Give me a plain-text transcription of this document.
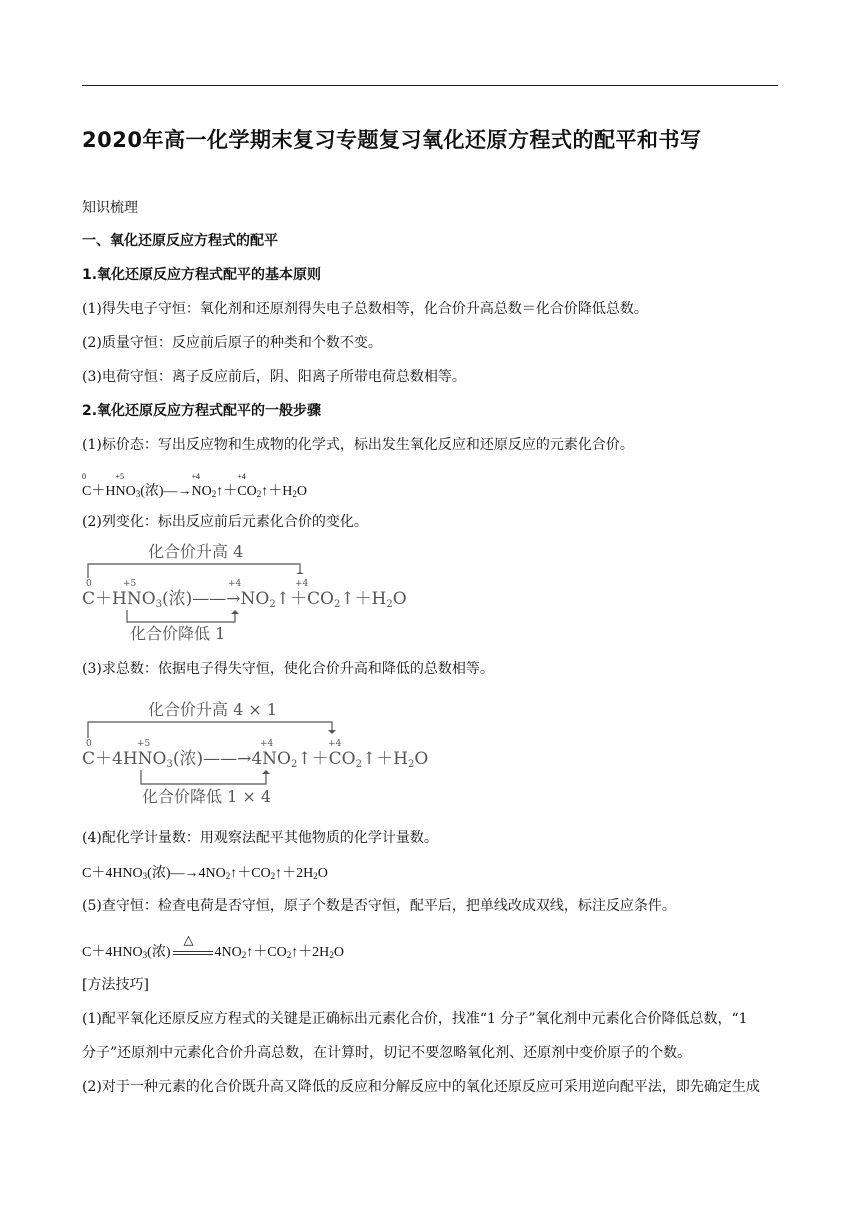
2020年高一化学期末复习专题复习氧化还原方程式的配平和书写
知识梳理
一、氧化还原反应方程式的配平
1.氧化还原反应方程式配平的基本原则
(1)得失电子守恒：氧化剂和还原剂得失电子总数相等，化合价升高总数＝化合价降低总数。
(2)质量守恒：反应前后原子的种类和个数不变。
(3)电荷守恒：离子反应前后，阴、阳离子所带电荷总数相等。
2.氧化还原反应方程式配平的一般步骤
(1)标价态：写出反应物和生成物的化学式，标出发生氧化反应和还原反应的元素化合价。
0
C＋H
+5
$NO_3$(浓)—→
+4
$NO_2↑+$
+4
$CO_2↑+H_2O$
(2)列变化：标出反应前后元素化合价的变化。
化合价升高 4
0	+5	+4	+4
C＋HNO3(浓)——→NO2↑＋CO2↑＋H2O
化合价降低 1
(3)求总数：依据电子得失守恒，使化合价升高和降低的总数相等。
化合价升高 4 × 1
0	+5	+4	+4
C＋4HNO3(浓)——→4NO2↑＋CO2↑＋H2O
化合价降低 1 × 4
(4)配化学计量数：用观察法配平其他物质的化学计量数。
$C+4HNO_3$(浓)$—\to 4NO_2↑+CO_2↑+2H_2O$
(5)查守恒：检查电荷是否守恒，原子个数是否守恒，配平后，把单线改成双线，标注反应条件。
$C+4HNO_3$(浓)
△
$4NO_2↑+CO_2↑+2H_2O$
[方法技巧]
(1)配平氧化还原反应方程式的关键是正确标出元素化合价，找准“1 分子”氧化剂中元素化合价降低总数，“1
分子”还原剂中元素化合价升高总数，在计算时，切记不要忽略氧化剂、还原剂中变价原子的个数。
(2)对于一种元素的化合价既升高又降低的反应和分解反应中的氧化还原反应可采用逆向配平法，即先确定生成
